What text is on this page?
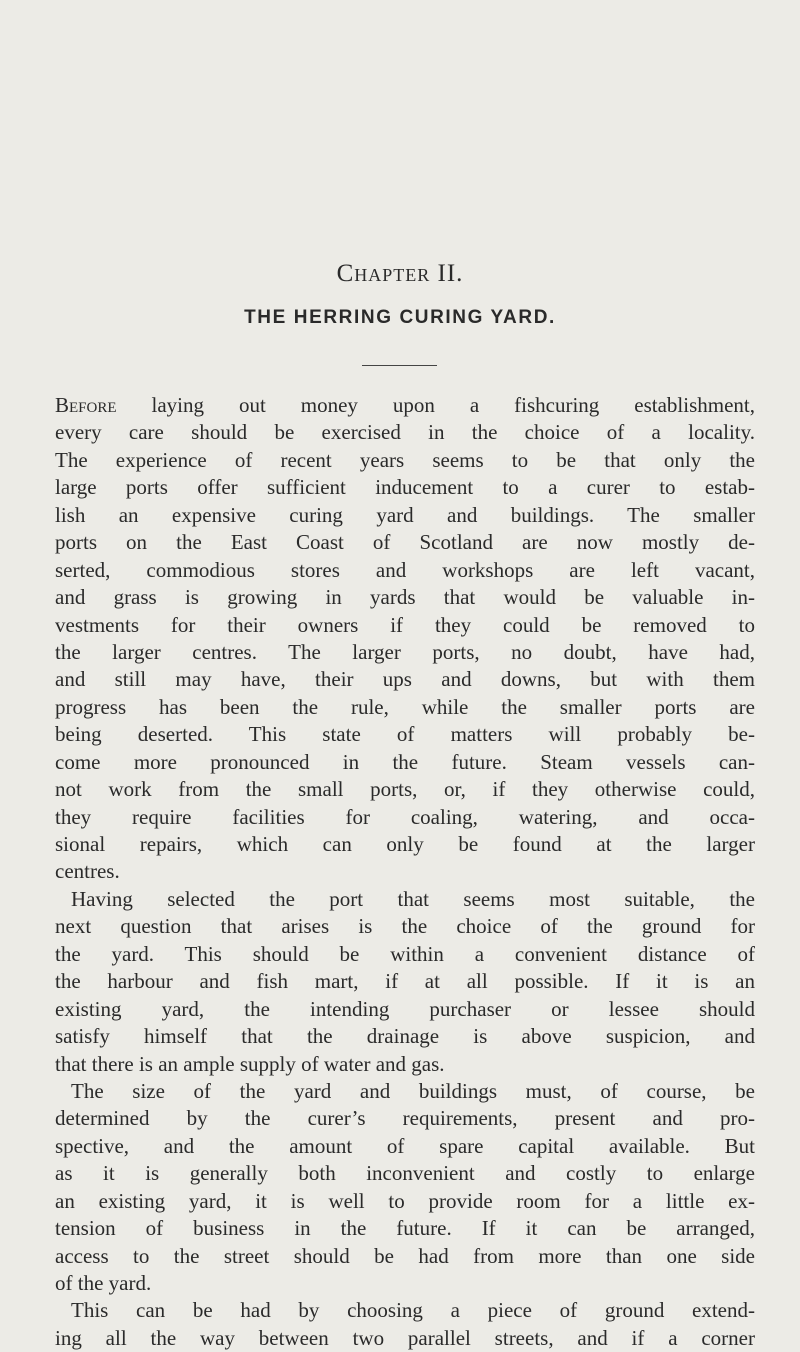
Chapter II.
THE HERRING CURING YARD.
Before laying out money upon a fishcuring establishment,
every care should be exercised in the choice of a locality.
The experience of recent years seems to be that only the
large ports offer sufficient inducement to a curer to estab-
lish an expensive curing yard and buildings. The smaller
ports on the East Coast of Scotland are now mostly de-
serted, commodious stores and workshops are left vacant,
and grass is growing in yards that would be valuable in-
vestments for their owners if they could be removed to
the larger centres. The larger ports, no doubt, have had,
and still may have, their ups and downs, but with them
progress has been the rule, while the smaller ports are
being deserted. This state of matters will probably be-
come more pronounced in the future. Steam vessels can-
not work from the small ports, or, if they otherwise could,
they require facilities for coaling, watering, and occa-
sional repairs, which can only be found at the larger
centres.
Having selected the port that seems most suitable, the
next question that arises is the choice of the ground for
the yard. This should be within a convenient distance of
the harbour and fish mart, if at all possible. If it is an
existing yard, the intending purchaser or lessee should
satisfy himself that the drainage is above suspicion, and
that there is an ample supply of water and gas.
The size of the yard and buildings must, of course, be
determined by the curer’s requirements, present and pro-
spective, and the amount of spare capital available. But
as it is generally both inconvenient and costly to enlarge
an existing yard, it is well to provide room for a little ex-
tension of business in the future. If it can be arranged,
access to the street should be had from more than one side
of the yard.
This can be had by choosing a piece of ground extend-
ing all the way between two parallel streets, and if a corner
